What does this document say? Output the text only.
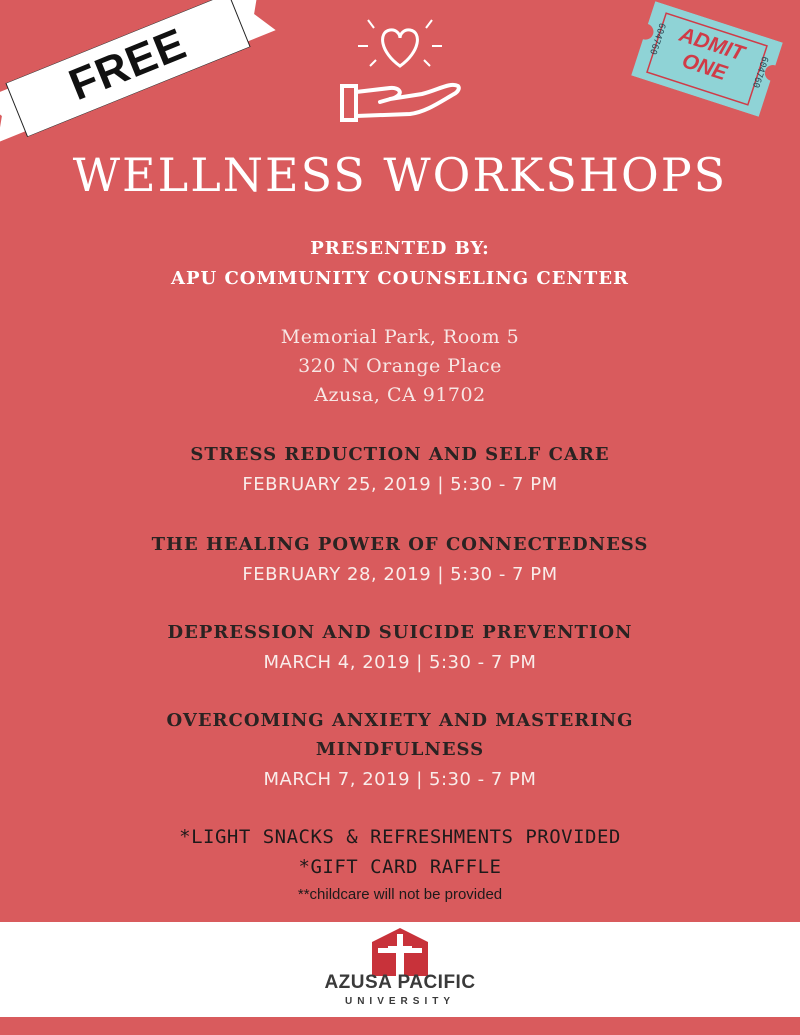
FREE	ADMIT ONE
604760
604760
WELLNESS WORKSHOPS
PRESENTED BY:
APU COMMUNITY COUNSELING CENTER
Memorial Park, Room 5
320 N Orange Place
Azusa, CA 91702
STRESS REDUCTION AND SELF CARE
FEBRUARY 25, 2019 | 5:30 - 7 PM
THE HEALING POWER OF CONNECTEDNESS
FEBRUARY 28, 2019 | 5:30 - 7 PM
DEPRESSION AND SUICIDE PREVENTION
MARCH 4, 2019 | 5:30 - 7 PM
OVERCOMING ANXIETY AND MASTERING
MINDFULNESS
MARCH 7, 2019 | 5:30 - 7 PM
*LIGHT SNACKS & REFRESHMENTS PROVIDED
*GIFT CARD RAFFLE
**childcare will not be provided
AZUSA PACIFIC
UNIVERSITY
